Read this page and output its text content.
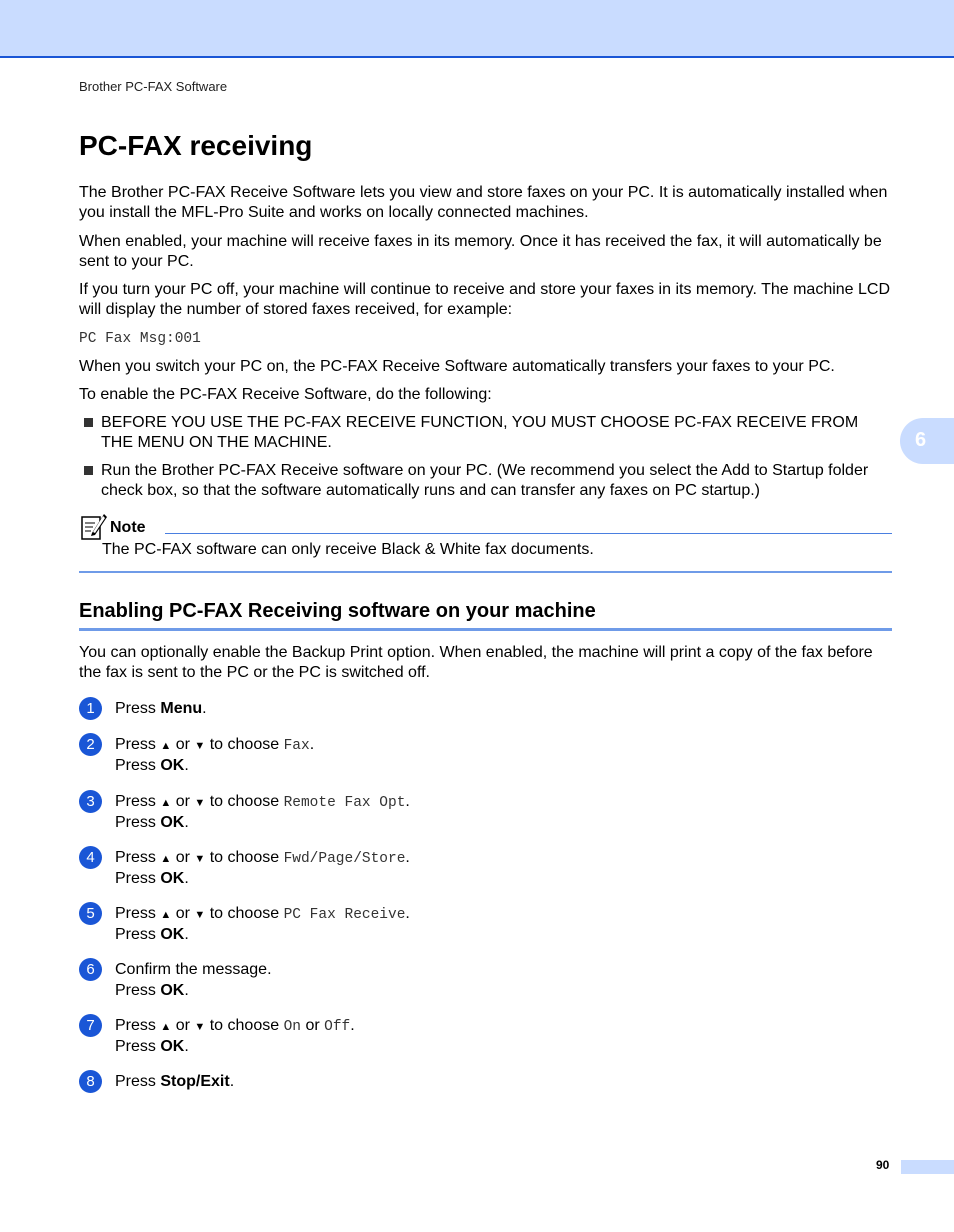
Brother PC-FAX Software
PC-FAX receiving

The Brother PC-FAX Receive Software lets you view and store faxes on your PC. It is automatically installed when you install the MFL-Pro Suite and works on locally connected machines.

When enabled, your machine will receive faxes in its memory. Once it has received the fax, it will automatically be sent to your PC.

If you turn your PC off, your machine will continue to receive and store your faxes in its memory. The machine LCD will display the number of stored faxes received, for example:

PC Fax Msg:001

When you switch your PC on, the PC-FAX Receive Software automatically transfers your faxes to your PC.

To enable the PC-FAX Receive Software, do the following:

BEFORE YOU USE THE PC-FAX RECEIVE FUNCTION, YOU MUST CHOOSE PC-FAX RECEIVE FROM THE MENU ON THE MACHINE.
Run the Brother PC-FAX Receive software on your PC. (We recommend you select the Add to Startup folder check box, so that the software automatically runs and can transfer any faxes on PC startup.)
Note
The PC-FAX software can only receive Black & White fax documents.
Enabling PC-FAX Receiving software on your machine

You can optionally enable the Backup Print option. When enabled, the machine will print a copy of the fax before the fax is sent to the PC or the PC is switched off.

1	Press Menu.
2	Press ▲ or ▼ to choose Fax.
Press OK.
3	Press ▲ or ▼ to choose Remote Fax Opt.
Press OK.
4	Press ▲ or ▼ to choose Fwd/Page/Store.
Press OK.
5	Press ▲ or ▼ to choose PC Fax Receive.
Press OK.
6	Confirm the message.
Press OK.
7	Press ▲ or ▼ to choose On or Off.
Press OK.
8	Press Stop/Exit.
6
90
